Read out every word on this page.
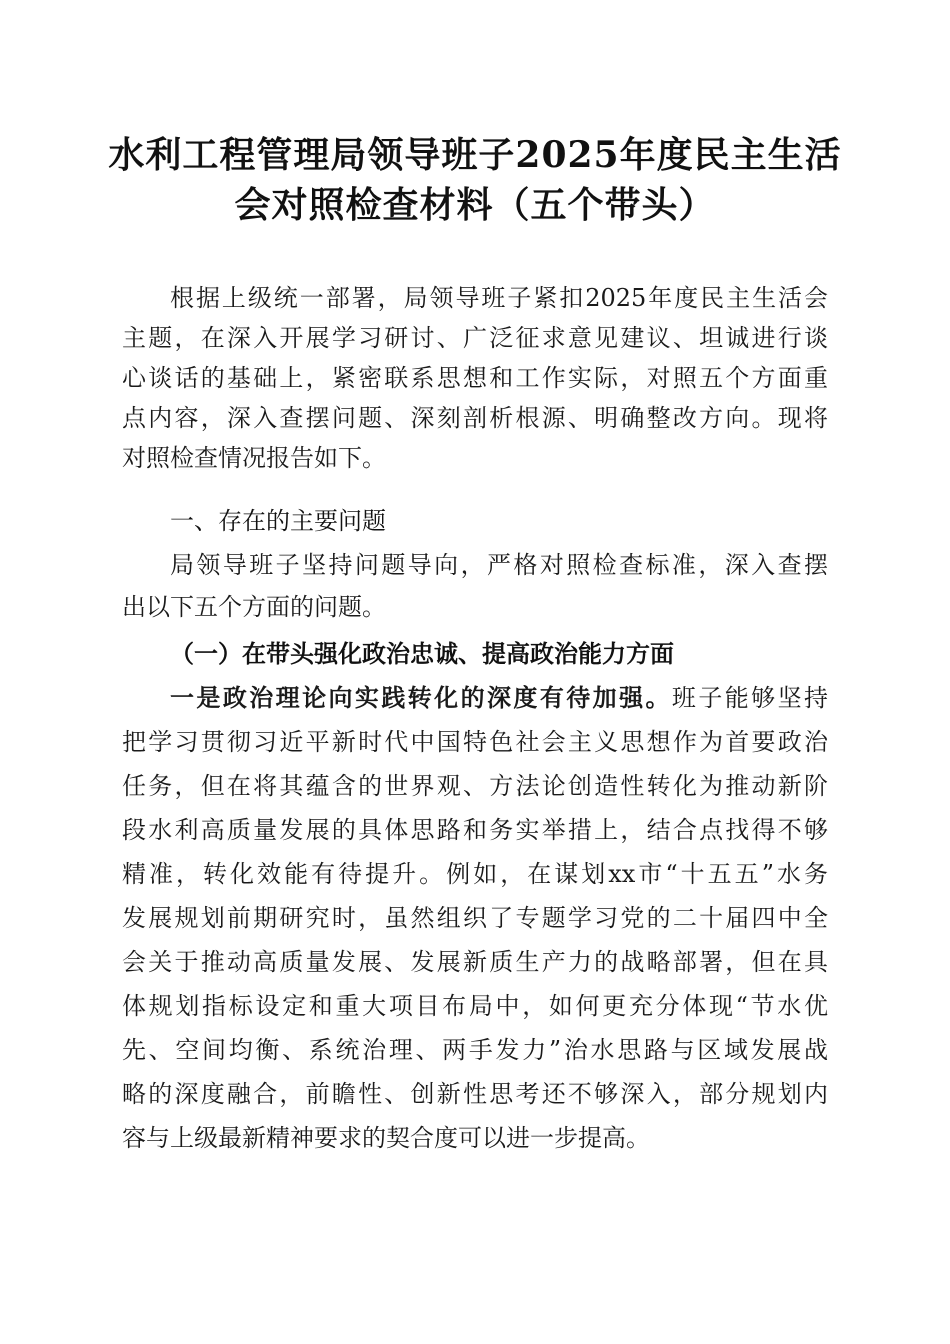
水利工程管理局领导班子2025年度民主生活
会对照检查材料（五个带头）
根据上级统一部署，局领导班子紧扣2025年度民主生活会
主题，在深入开展学习研讨、广泛征求意见建议、坦诚进行谈
心谈话的基础上，紧密联系思想和工作实际，对照五个方面重
点内容，深入查摆问题、深刻剖析根源、明确整改方向。现将
对照检查情况报告如下。
一、存在的主要问题
局领导班子坚持问题导向，严格对照检查标准，深入查摆
出以下五个方面的问题。
（一）在带头强化政治忠诚、提高政治能力方面
一是政治理论向实践转化的深度有待加强。班子能够坚持
把学习贯彻习近平新时代中国特色社会主义思想作为首要政治
任务，但在将其蕴含的世界观、方法论创造性转化为推动新阶
段水利高质量发展的具体思路和务实举措上，结合点找得不够
精准，转化效能有待提升。例如，在谋划xx市“十五五”水务
发展规划前期研究时，虽然组织了专题学习党的二十届四中全
会关于推动高质量发展、发展新质生产力的战略部署，但在具
体规划指标设定和重大项目布局中，如何更充分体现“节水优
先、空间均衡、系统治理、两手发力”治水思路与区域发展战
略的深度融合，前瞻性、创新性思考还不够深入，部分规划内
容与上级最新精神要求的契合度可以进一步提高。
